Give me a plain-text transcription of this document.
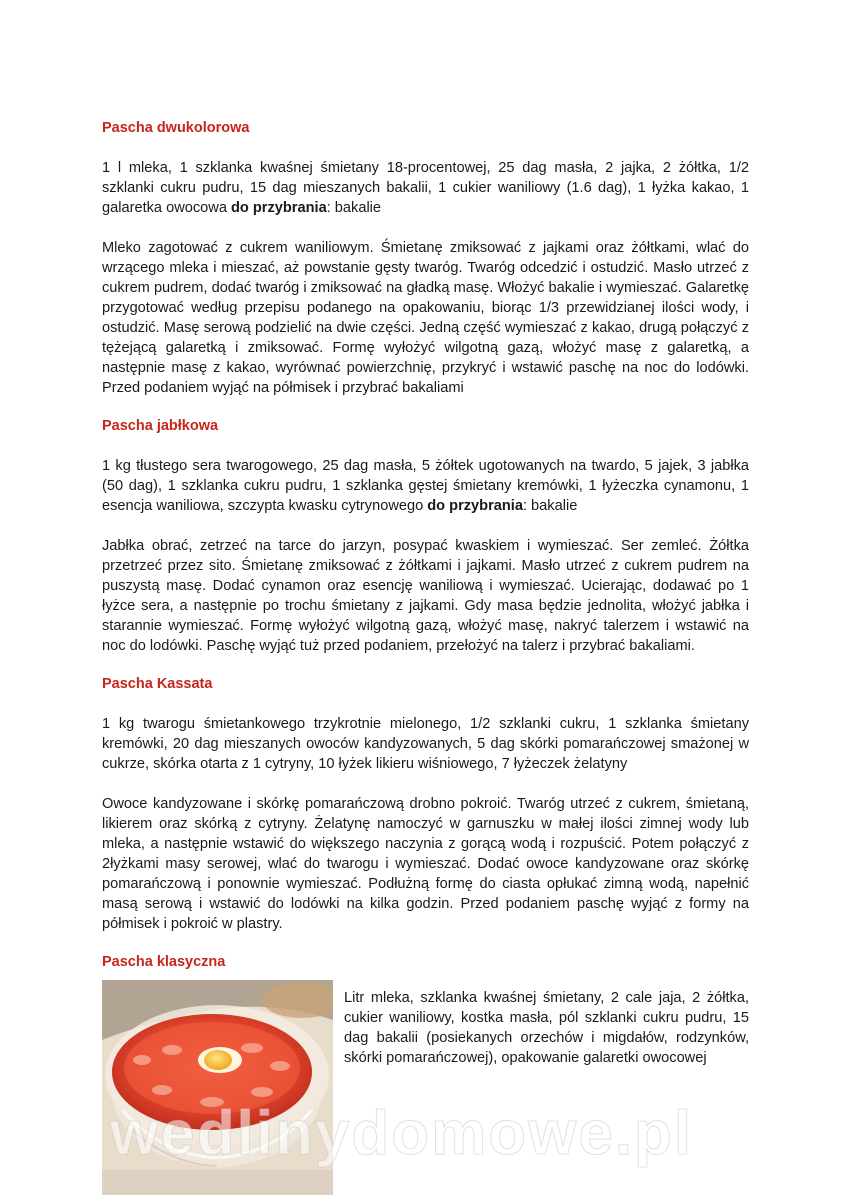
Pascha dwukolorowa

1 l mleka, 1 szklanka kwaśnej śmietany 18-procentowej, 25 dag masła, 2 jajka, 2 żółtka, 1/2 szklanki cukru pudru, 15 dag mieszanych bakalii, 1 cukier waniliowy (1.6 dag), 1 łyżka kakao, 1 galaretka owocowa do przybrania: bakalie

Mleko zagotować z cukrem waniliowym. Śmietanę zmiksować z jajkami oraz żółtkami, wlać do wrzącego mleka i mieszać, aż powstanie gęsty twaróg. Twaróg odcedzić i ostudzić. Masło utrzeć z cukrem pudrem, dodać twaróg i zmiksować na gładką masę. Włożyć bakalie i wymieszać. Galaretkę przygotować według przepisu podanego na opakowaniu, biorąc 1/3 przewidzianej ilości wody, i ostudzić. Masę serową podzielić na dwie części. Jedną część wymieszać z kakao, drugą połączyć z tężejącą galaretką i zmiksować. Formę wyłożyć wilgotną gazą, włożyć masę z galaretką, a następnie masę z kakao, wyrównać powierzchnię, przykryć i wstawić paschę na noc do lodówki. Przed podaniem wyjąć na półmisek i przybrać bakaliami

Pascha jabłkowa

1 kg tłustego sera twarogowego, 25 dag masła, 5 żółtek ugotowanych na twardo, 5 jajek, 3 jabłka (50 dag), 1 szklanka cukru pudru, 1 szklanka gęstej śmietany kremówki, 1 łyżeczka cynamonu, 1 esencja waniliowa, szczypta kwasku cytrynowego do przybrania: bakalie

Jabłka obrać, zetrzeć na tarce do jarzyn, posypać kwaskiem i wymieszać. Ser zemleć. Żółtka przetrzeć przez sito. Śmietanę zmiksować z żółtkami i jajkami. Masło utrzeć z cukrem pudrem na puszystą masę. Dodać cynamon oraz esencję waniliową i wymieszać. Ucierając, dodawać po 1 łyżce sera, a następnie po trochu śmietany z jajkami. Gdy masa będzie jednolita, włożyć jabłka i starannie wymieszać. Formę wyłożyć wilgotną gazą, włożyć masę, nakryć talerzem i wstawić na noc do lodówki. Paschę wyjąć tuż przed podaniem, przełożyć na talerz i przybrać bakaliami.

Pascha Kassata

1 kg twarogu śmietankowego trzykrotnie mielonego, 1/2 szklanki cukru, 1 szklanka śmietany kremówki, 20 dag mieszanych owoców kandyzowanych, 5 dag skórki pomarańczowej smażonej w cukrze, skórka otarta z 1 cytryny, 10 łyżek likieru wiśniowego, 7 łyżeczek żelatyny

Owoce kandyzowane i skórkę pomarańczową drobno pokroić. Twaróg utrzeć z cukrem, śmietaną, likierem oraz skórką z cytryny. Żelatynę namoczyć w garnuszku w małej ilości zimnej wody lub mleka, a następnie wstawić do większego naczynia z gorącą wodą i rozpuścić. Potem połączyć z 2łyżkami masy serowej, wlać do twarogu i wymieszać. Dodać owoce kandyzowane oraz skórkę pomarańczową i ponownie wymieszać. Podłużną formę do ciasta opłukać zimną wodą, napełnić masą serową i wstawić do lodówki na kilka godzin. Przed podaniem paschę wyjąć z formy na półmisek i pokroić w plastry.

Pascha klasyczna

Litr mleka, szklanka kwaśnej śmietany, 2 cale jaja, 2 żółtka, cukier waniliowy, kostka masła, pól szklanki cukru pudru, 15 dag bakalii (posiekanych orzechów i migdałów, rodzynków, skórki pomarańczowej), opakowanie galaretki owocowej

wedlinydomowe.pl
